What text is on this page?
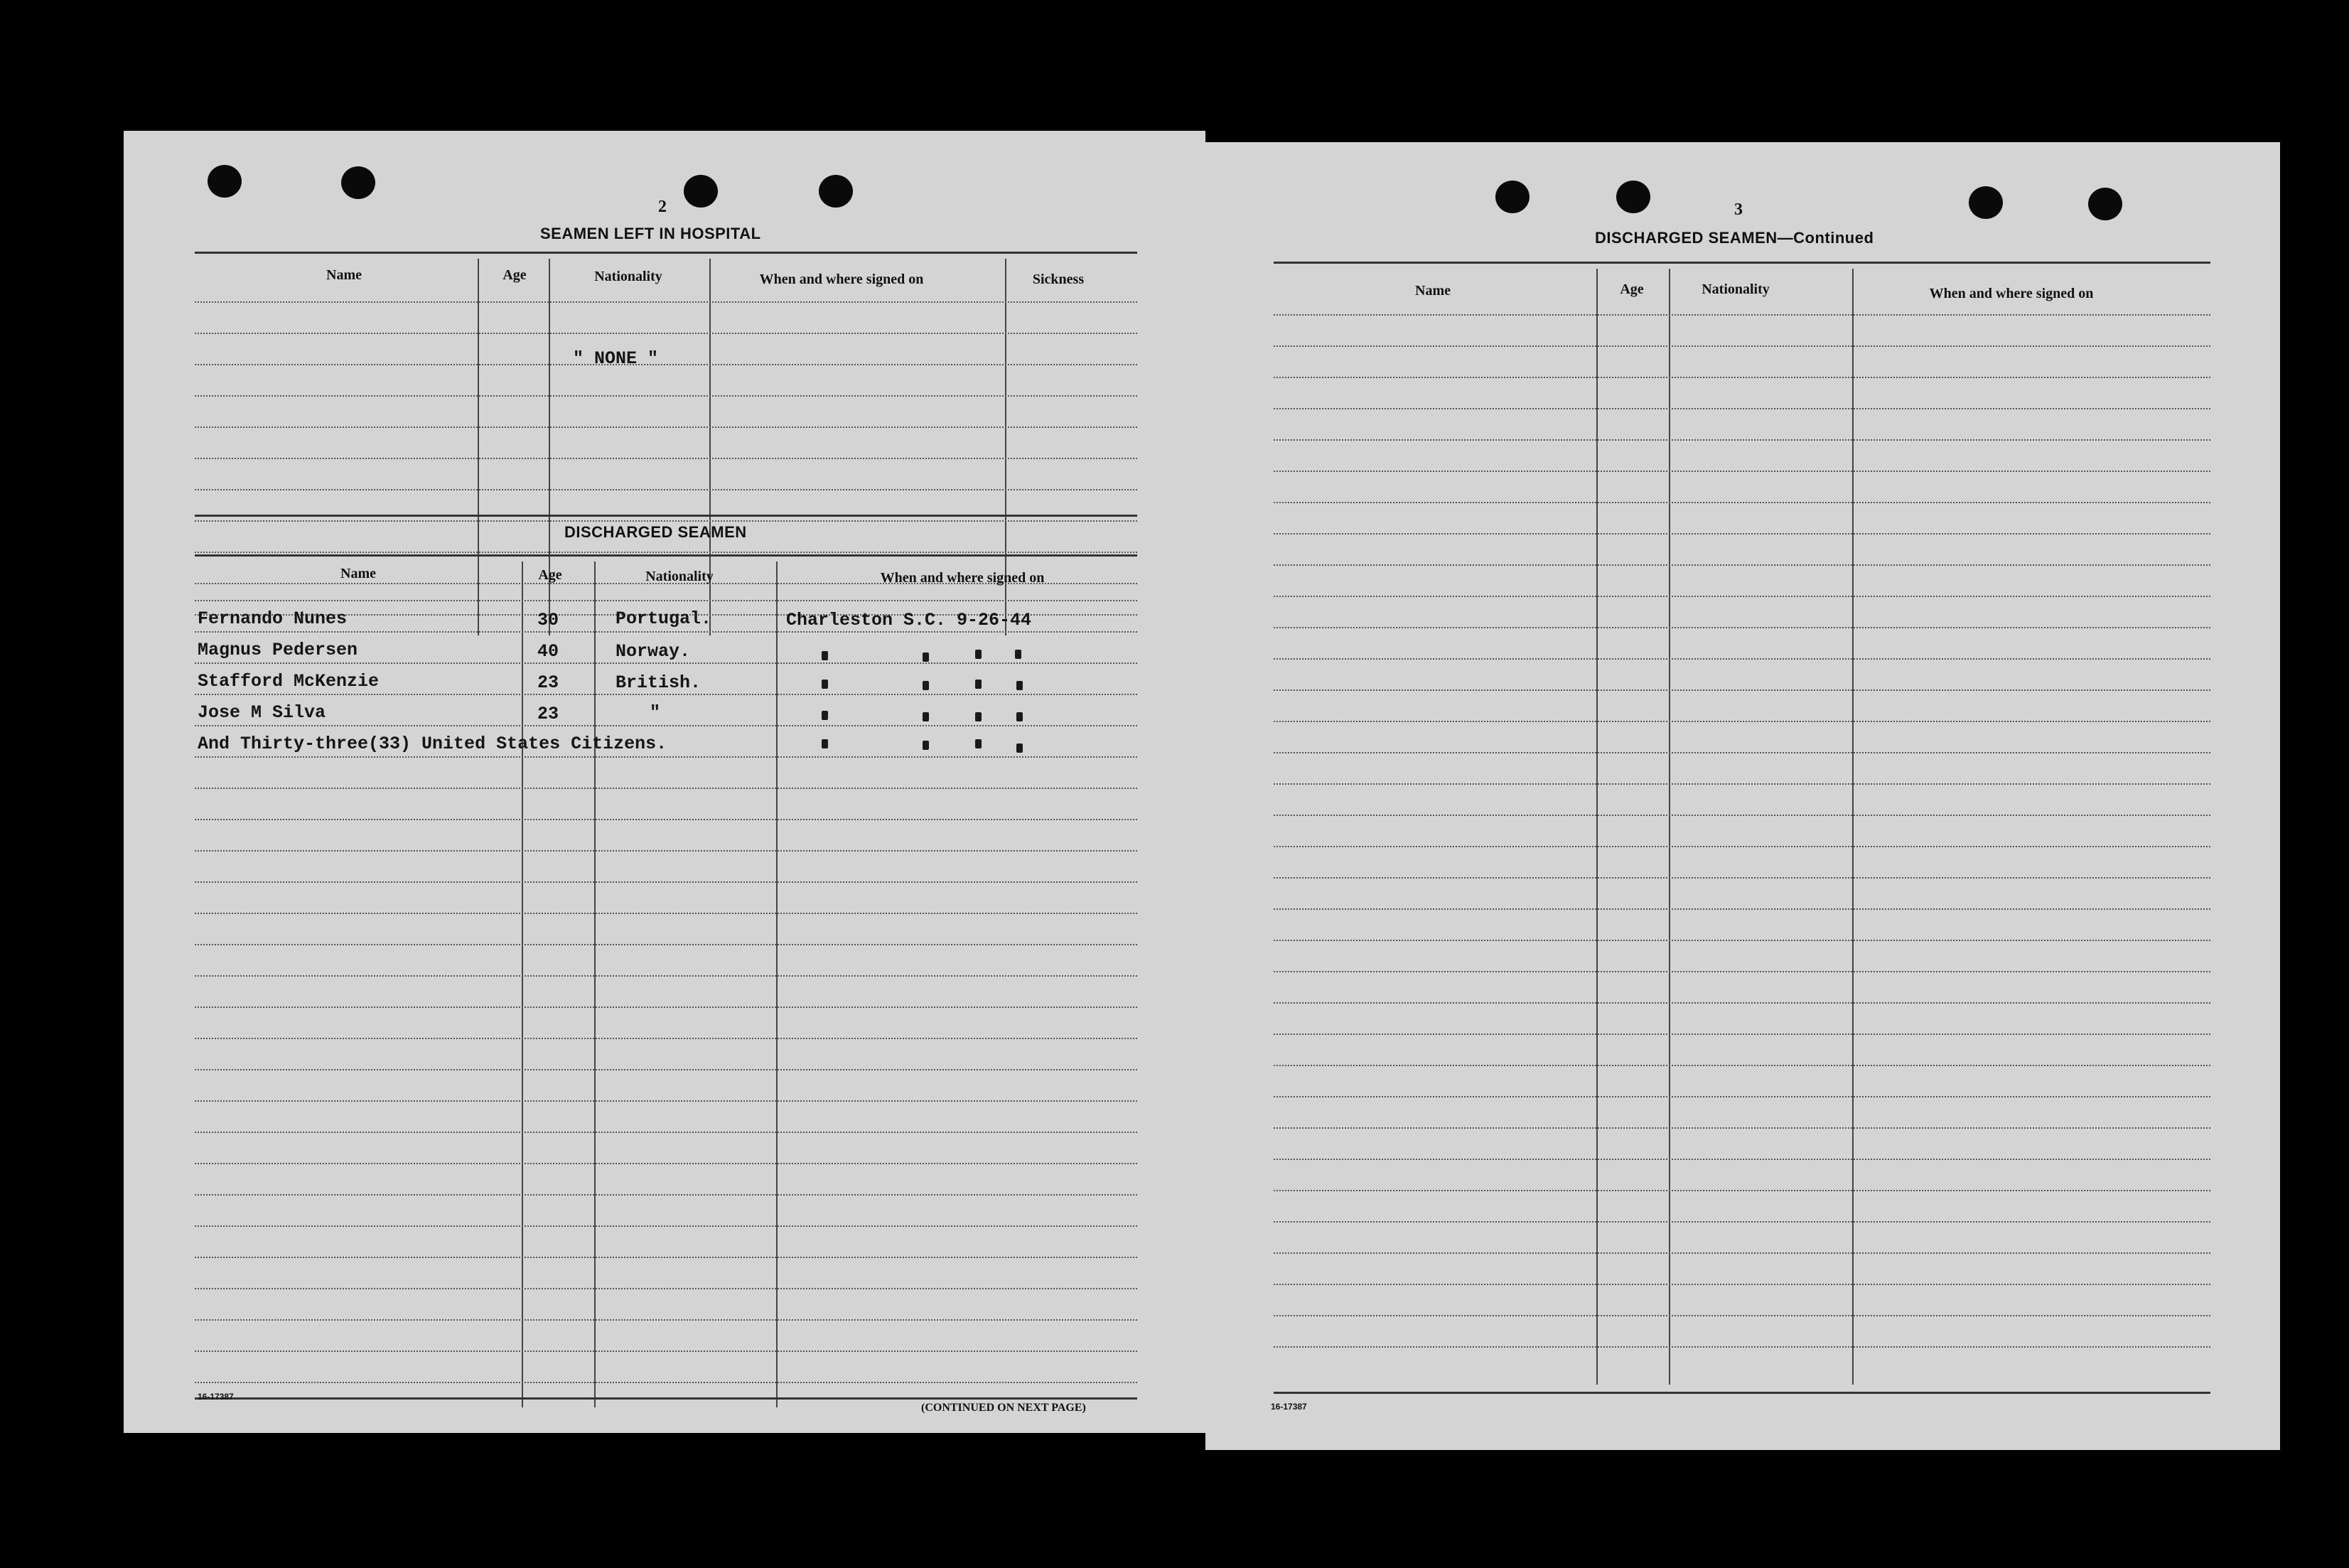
2
SEAMEN LEFT IN HOSPITAL
Name	Age	Nationality	When and where signed on	Sickness
" NONE "
DISCHARGED SEAMEN
Name	Age	Nationality	When and where signed on
Fernando Nunes	30	Portugal.	Charleston S.C. 9-26-44
Magnus Pedersen	40	Norway.
Stafford McKenzie	23	British.
Jose M Silva	23	"
And Thirty-three(33) United States Citizens.
16-17387
(CONTINUED ON NEXT PAGE)
3
DISCHARGED SEAMEN—Continued
Name	Age	Nationality	When and where signed on
16-17387
